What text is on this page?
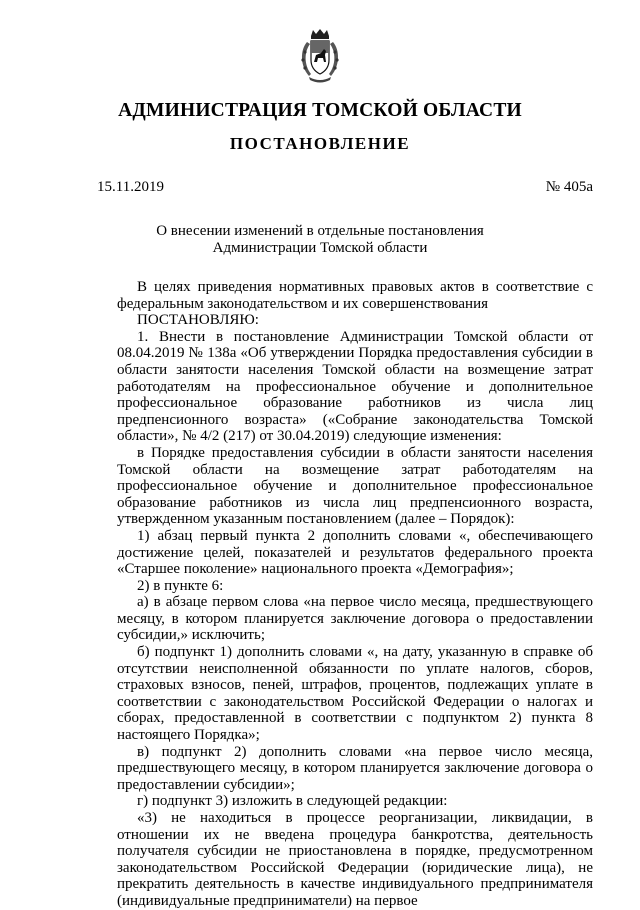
АДМИНИСТРАЦИЯ ТОМСКОЙ ОБЛАСТИ
ПОСТАНОВЛЕНИЕ
15.11.2019	№ 405а
О внесении изменений в отдельные постановления
Администрации Томской области

В целях приведения нормативных правовых актов в соответствие с федеральным законодательством и их совершенствования

ПОСТАНОВЛЯЮ:

1. Внести в постановление Администрации Томской области от 08.04.2019 № 138а «Об утверждении Порядка предоставления субсидии в области занятости населения Томской области на возмещение затрат работодателям на профессиональное обучение и дополнительное профессиональное образование работников из числа лиц предпенсионного возраста» («Собрание законодательства Томской области», № 4/2 (217) от 30.04.2019) следующие изменения:

в Порядке предоставления субсидии в области занятости населения Томской области на возмещение затрат работодателям на профессиональное обучение и дополнительное профессиональное образование работников из числа лиц предпенсионного возраста, утвержденном указанным постановлением (далее – Порядок):

1) абзац первый пункта 2 дополнить словами «, обеспечивающего достижение целей, показателей и результатов федерального проекта «Старшее поколение» национального проекта «Демография»;

2) в пункте 6:

а) в абзаце первом слова «на первое число месяца, предшествующего месяцу, в котором планируется заключение договора о предоставлении субсидии,» исключить;

б) подпункт 1) дополнить словами «, на дату, указанную в справке об отсутствии неисполненной обязанности по уплате налогов, сборов, страховых взносов, пеней, штрафов, процентов, подлежащих уплате в соответствии с законодательством Российской Федерации о налогах и сборах, предоставленной в соответствии с подпунктом 2) пункта 8 настоящего Порядка»;

в) подпункт 2) дополнить словами «на первое число месяца, предшествующего месяцу, в котором планируется заключение договора о предоставлении субсидии»;

г) подпункт 3) изложить в следующей редакции:

«3) не находиться в процессе реорганизации, ликвидации, в отношении их не введена процедура банкротства, деятельность получателя субсидии не приостановлена в порядке, предусмотренном законодательством Российской Федерации (юридические лица), не прекратить деятельность в качестве индивидуального предпринимателя (индивидуальные предприниматели) на первое
